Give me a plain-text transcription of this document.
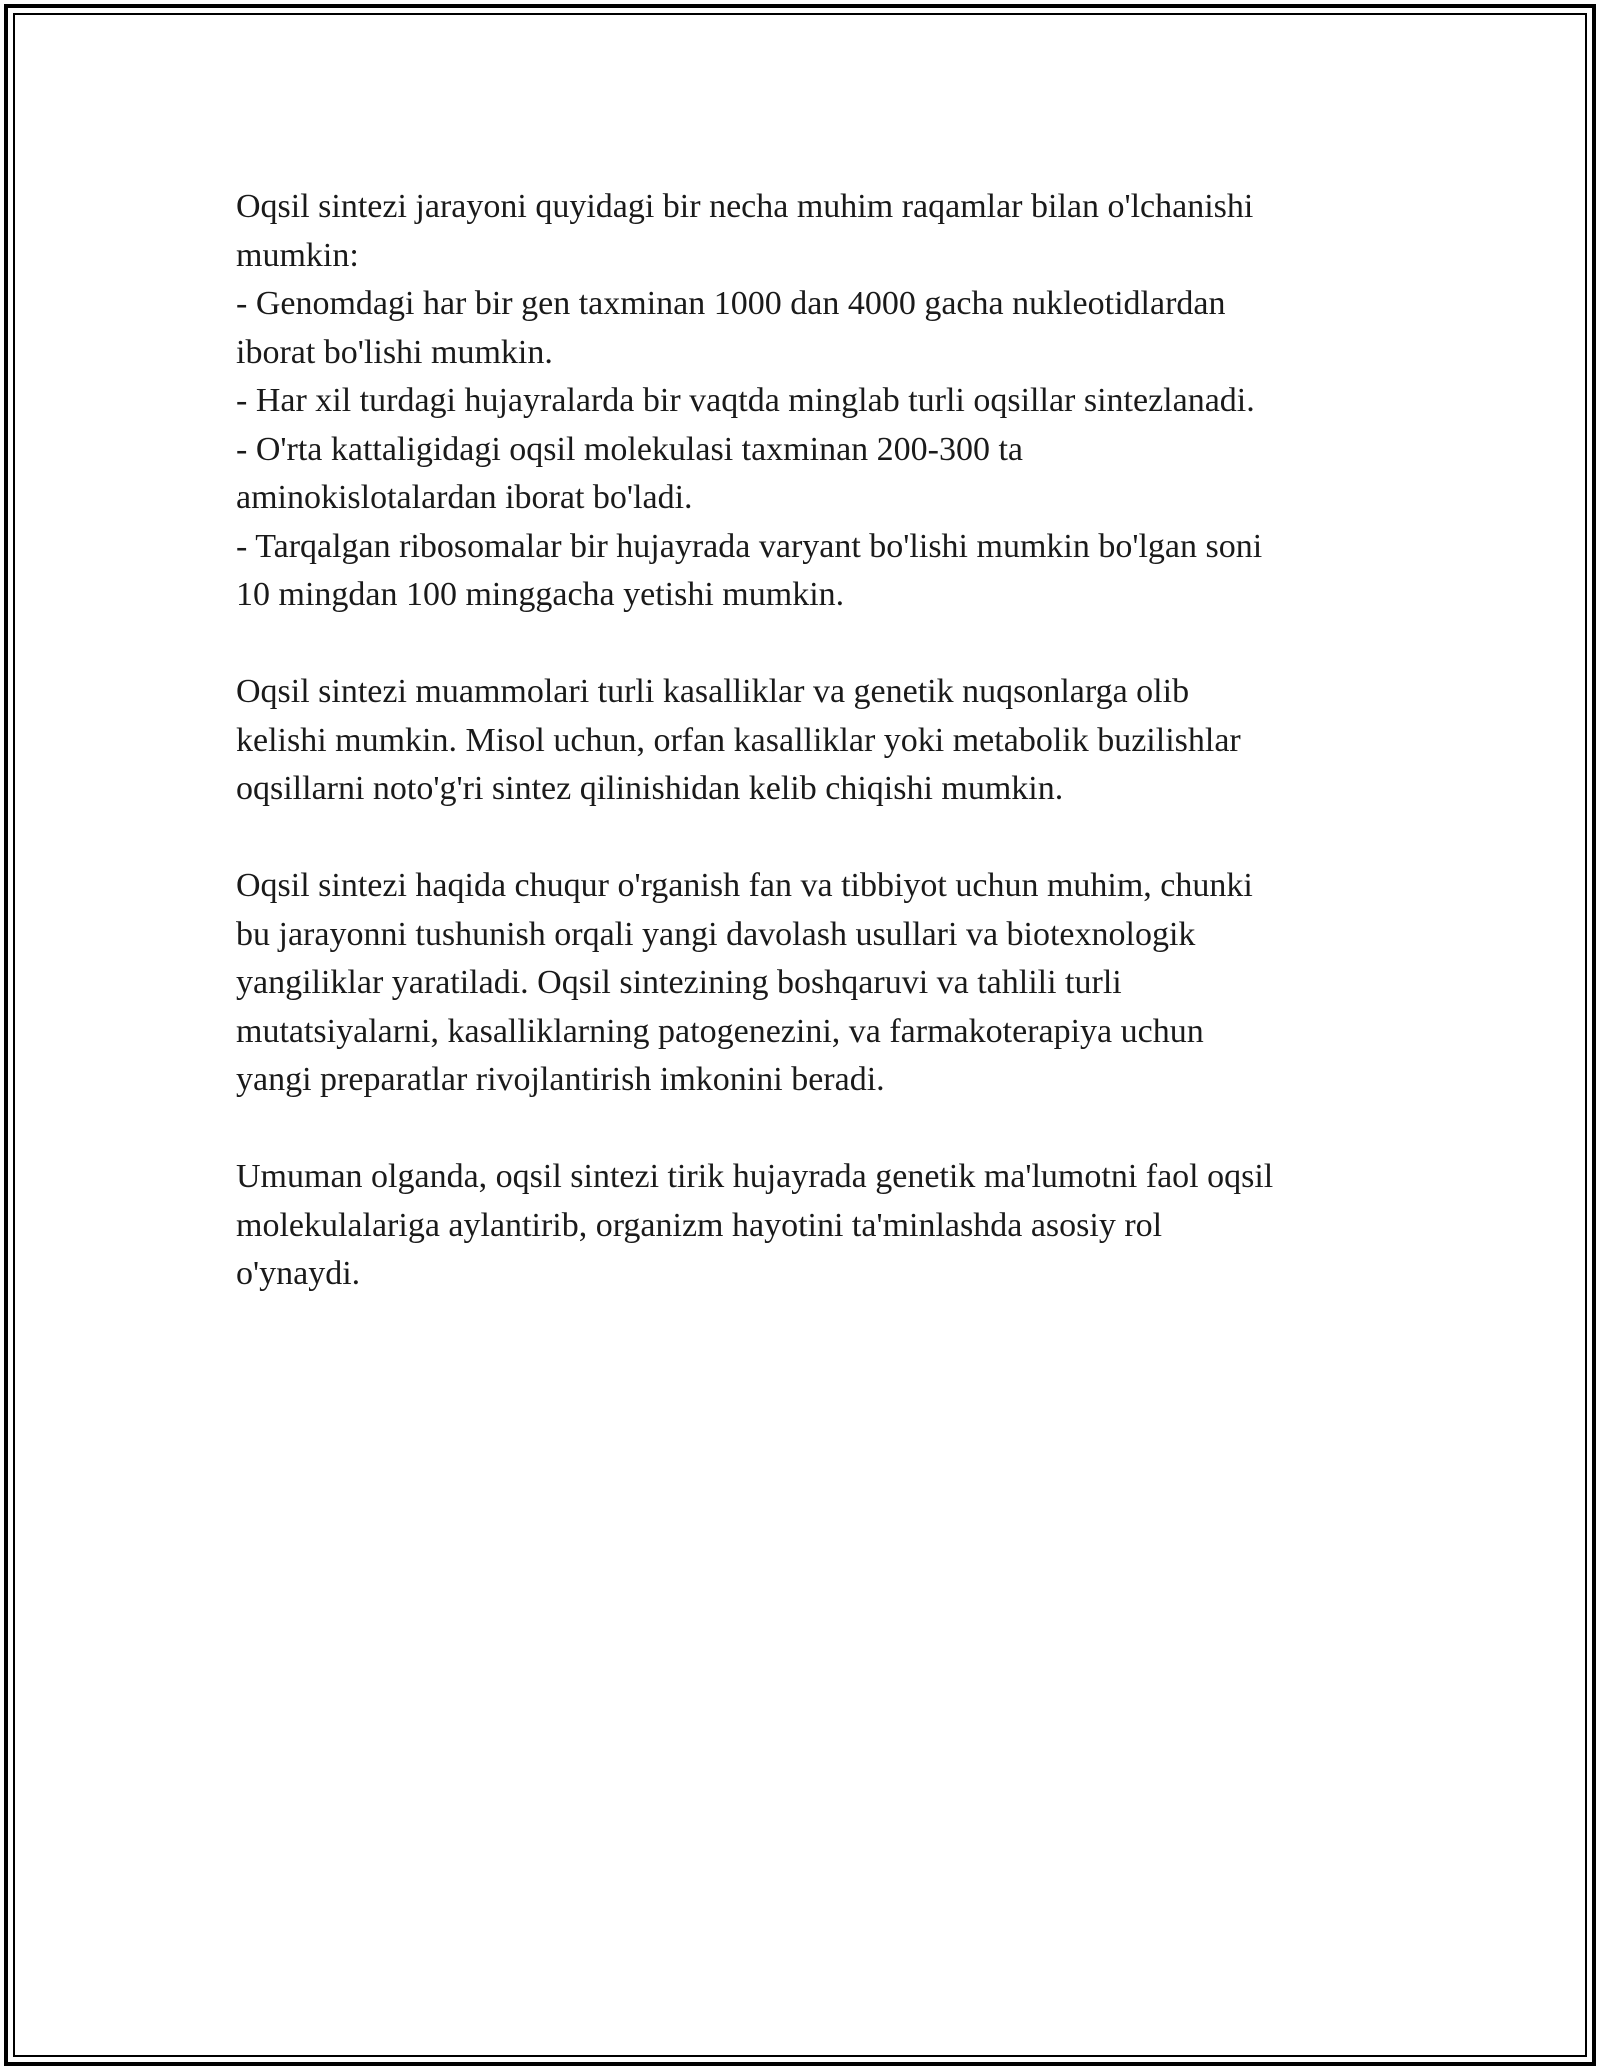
Oqsil sintezi jarayoni quyidagi bir necha muhim raqamlar bilan o'lchanishi
mumkin:
- Genomdagi har bir gen taxminan 1000 dan 4000 gacha nukleotidlardan
iborat bo'lishi mumkin.
- Har xil turdagi hujayralarda bir vaqtda minglab turli oqsillar sintezlanadi.
- O'rta kattaligidagi oqsil molekulasi taxminan 200-300 ta
aminokislotalardan iborat bo'ladi.
- Tarqalgan ribosomalar bir hujayrada varyant bo'lishi mumkin bo'lgan soni
10 mingdan 100 minggacha yetishi mumkin.

Oqsil sintezi muammolari turli kasalliklar va genetik nuqsonlarga olib
kelishi mumkin. Misol uchun, orfan kasalliklar yoki metabolik buzilishlar
oqsillarni noto'g'ri sintez qilinishidan kelib chiqishi mumkin.

Oqsil sintezi haqida chuqur o'rganish fan va tibbiyot uchun muhim, chunki
bu jarayonni tushunish orqali yangi davolash usullari va biotexnologik
yangiliklar yaratiladi. Oqsil sintezining boshqaruvi va tahlili turli
mutatsiyalarni, kasalliklarning patogenezini, va farmakoterapiya uchun
yangi preparatlar rivojlantirish imkonini beradi.

Umuman olganda, oqsil sintezi tirik hujayrada genetik ma'lumotni faol oqsil
molekulalariga aylantirib, organizm hayotini ta'minlashda asosiy rol
o'ynaydi.
